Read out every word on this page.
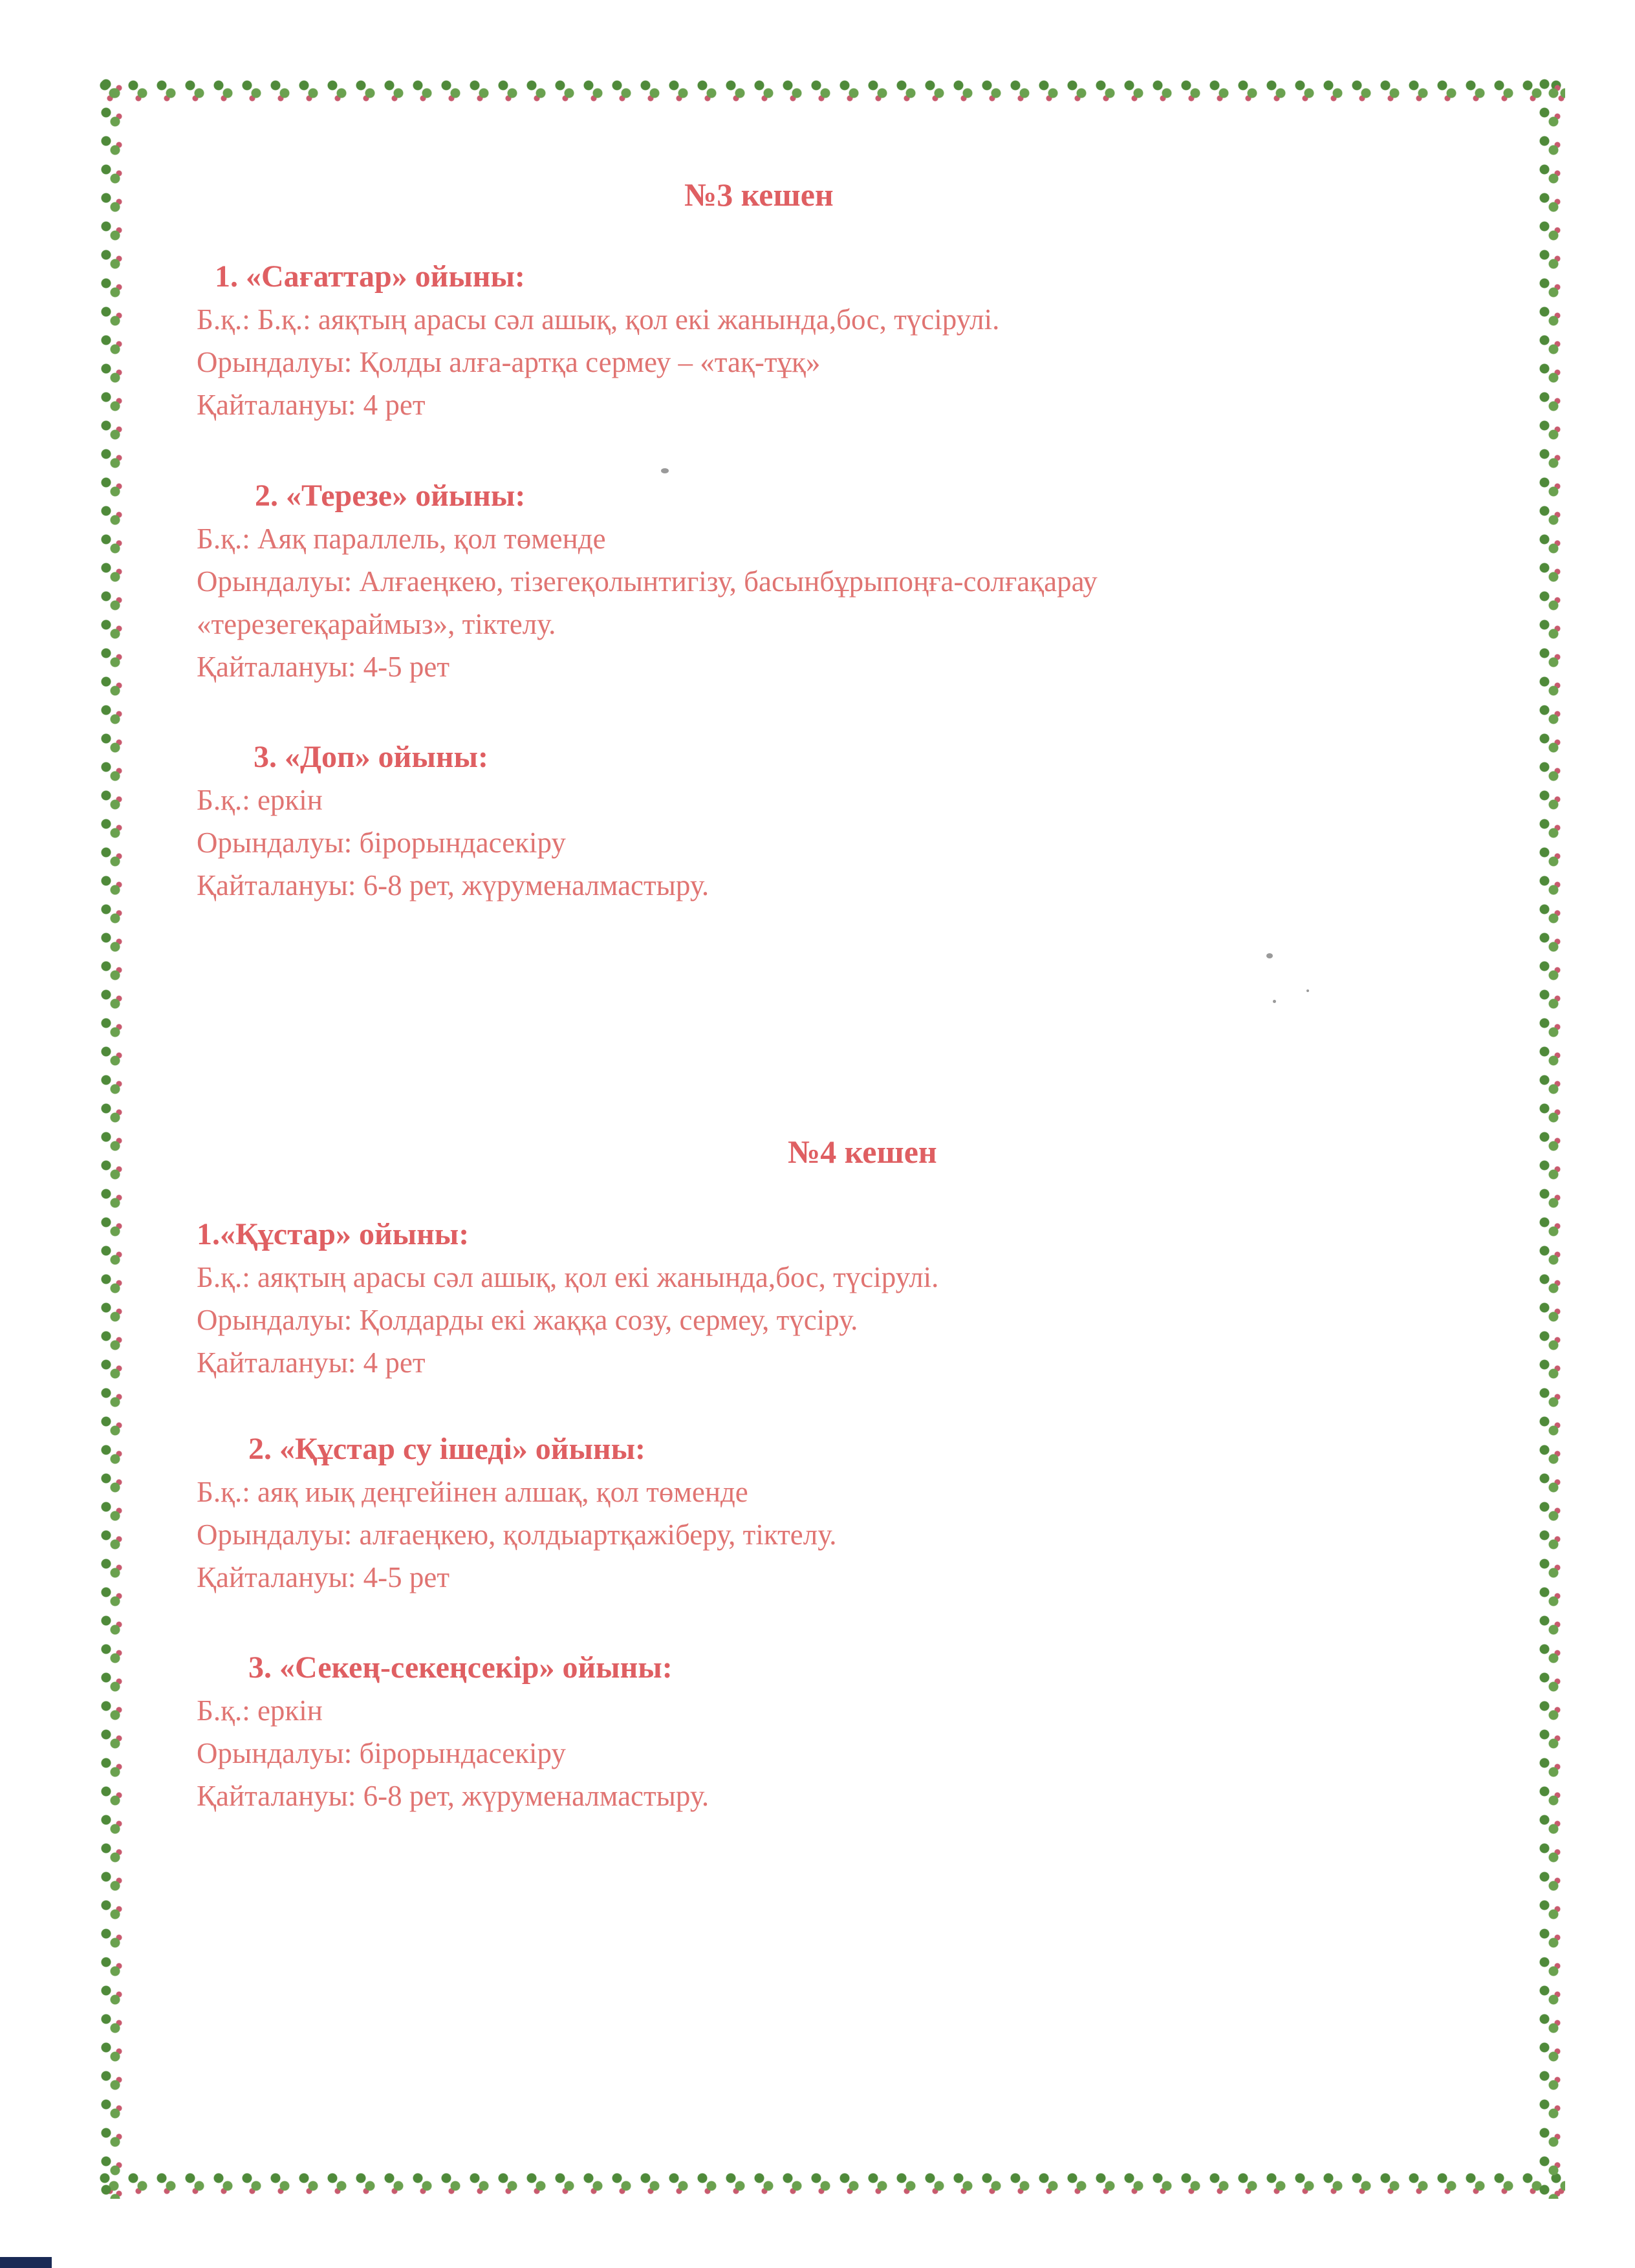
№3 кешен
1. «Сағаттар» ойыны:
Б.қ.: Б.қ.: аяқтың арасы сәл ашық, қол екі жанында,бос, түсірулі.
Орындалуы: Қолды алға-артқа сермеу – «тақ-тұқ»
Қайталануы: 4 рет
2. «Терезе» ойыны:
Б.қ.: Аяқ параллель, қол төменде
Орындалуы: Алғаеңкею, тізегеқолынтигізу, басынбұрыпоңға-солғақарау
«терезегеқараймыз», тіктелу.
Қайталануы: 4-5 рет
3. «Доп» ойыны:
Б.қ.: еркін
Орындалуы: бірорындасекіру
Қайталануы: 6-8 рет, жүруменалмастыру.
№4 кешен
1.«Құстар» ойыны:
Б.қ.: аяқтың арасы сәл ашық, қол екі жанында,бос, түсірулі.
Орындалуы: Қолдарды екі жаққа созу, сермеу, түсіру.
Қайталануы: 4 рет
2. «Құстар су ішеді» ойыны:
Б.қ.: аяқ иық деңгейінен алшақ, қол төменде
Орындалуы: алғаеңкею, қолдыартқажіберу, тіктелу.
Қайталануы: 4-5 рет
3. «Секең-секеңсекір» ойыны:
Б.қ.: еркін
Орындалуы: бірорындасекіру
Қайталануы: 6-8 рет, жүруменалмастыру.
